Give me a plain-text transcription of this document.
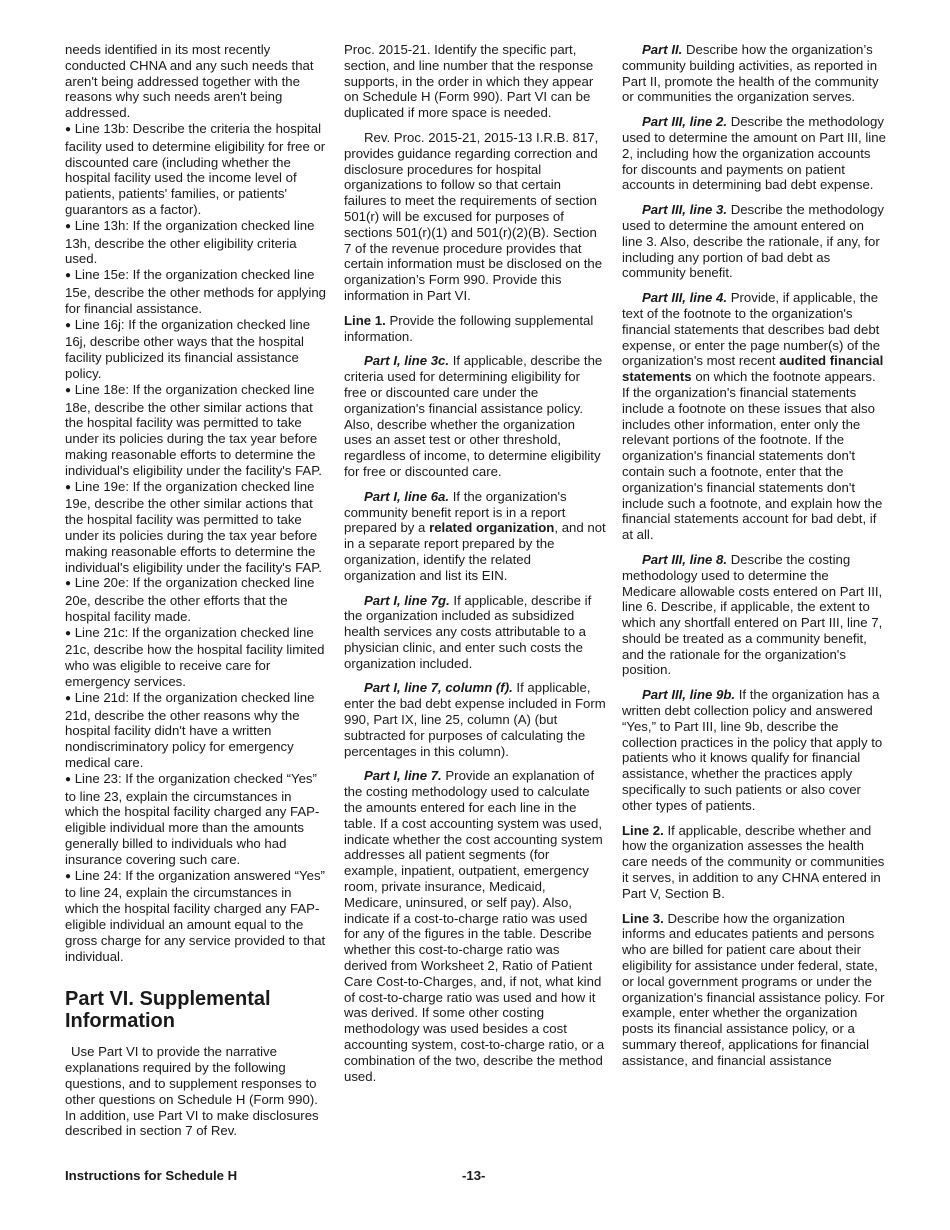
needs identified in its most recently conducted CHNA and any such needs that aren't being addressed together with the reasons why such needs aren't being addressed.

● Line 13b: Describe the criteria the hospital facility used to determine eligibility for free or discounted care (including whether the hospital facility used the income level of patients, patients' families, or patients' guarantors as a factor).

● Line 13h: If the organization checked line 13h, describe the other eligibility criteria used.

● Line 15e: If the organization checked line 15e, describe the other methods for applying for financial assistance.

● Line 16j: If the organization checked line 16j, describe other ways that the hospital facility publicized its financial assistance policy.

● Line 18e: If the organization checked line 18e, describe the other similar actions that the hospital facility was permitted to take under its policies during the tax year before making reasonable efforts to determine the individual's eligibility under the facility's FAP.

● Line 19e: If the organization checked line 19e, describe the other similar actions that the hospital facility was permitted to take under its policies during the tax year before making reasonable efforts to determine the individual's eligibility under the facility's FAP.

● Line 20e: If the organization checked line 20e, describe the other efforts that the hospital facility made.

● Line 21c: If the organization checked line 21c, describe how the hospital facility limited who was eligible to receive care for emergency services.

● Line 21d: If the organization checked line 21d, describe the other reasons why the hospital facility didn't have a written nondiscriminatory policy for emergency medical care.

● Line 23: If the organization checked “Yes” to line 23, explain the circumstances in which the hospital facility charged any FAP-eligible individual more than the amounts generally billed to individuals who had insurance covering such care.

● Line 24: If the organization answered “Yes” to line 24, explain the circumstances in which the hospital facility charged any FAP-eligible individual an amount equal to the gross charge for any service provided to that individual.

Part VI. Supplemental Information

Use Part VI to provide the narrative explanations required by the following questions, and to supplement responses to other questions on Schedule H (Form 990). In addition, use Part VI to make disclosures described in section 7 of Rev.

Proc. 2015-21. Identify the specific part, section, and line number that the response supports, in the order in which they appear on Schedule H (Form 990). Part VI can be duplicated if more space is needed.

Rev. Proc. 2015-21, 2015-13 I.R.B. 817, provides guidance regarding correction and disclosure procedures for hospital organizations to follow so that certain failures to meet the requirements of section 501(r) will be excused for purposes of sections 501(r)(1) and 501(r)(2)(B). Section 7 of the revenue procedure provides that certain information must be disclosed on the organization’s Form 990. Provide this information in Part VI.

Line 1. Provide the following supplemental information.

Part I, line 3c. If applicable, describe the criteria used for determining eligibility for free or discounted care under the organization's financial assistance policy. Also, describe whether the organization uses an asset test or other threshold, regardless of income, to determine eligibility for free or discounted care.

Part I, line 6a. If the organization's community benefit report is in a report prepared by a related organization, and not in a separate report prepared by the organization, identify the related organization and list its EIN.

Part I, line 7g. If applicable, describe if the organization included as subsidized health services any costs attributable to a physician clinic, and enter such costs the organization included.

Part I, line 7, column (f). If applicable, enter the bad debt expense included in Form 990, Part IX, line 25, column (A) (but subtracted for purposes of calculating the percentages in this column).

Part I, line 7. Provide an explanation of the costing methodology used to calculate the amounts entered for each line in the table. If a cost accounting system was used, indicate whether the cost accounting system addresses all patient segments (for example, inpatient, outpatient, emergency room, private insurance, Medicaid, Medicare, uninsured, or self pay). Also, indicate if a cost-to-charge ratio was used for any of the figures in the table. Describe whether this cost-to-charge ratio was derived from Worksheet 2, Ratio of Patient Care Cost-to-Charges, and, if not, what kind of cost-to-charge ratio was used and how it was derived. If some other costing methodology was used besides a cost accounting system, cost-to-charge ratio, or a combination of the two, describe the method used.

Part II. Describe how the organization’s community building activities, as reported in Part II, promote the health of the community or communities the organization serves.

Part III, line 2. Describe the methodology used to determine the amount on Part III, line 2, including how the organization accounts for discounts and payments on patient accounts in determining bad debt expense.

Part III, line 3. Describe the methodology used to determine the amount entered on line 3. Also, describe the rationale, if any, for including any portion of bad debt as community benefit.

Part III, line 4. Provide, if applicable, the text of the footnote to the organization's financial statements that describes bad debt expense, or enter the page number(s) of the organization's most recent audited financial statements on which the footnote appears. If the organization's financial statements include a footnote on these issues that also includes other information, enter only the relevant portions of the footnote. If the organization's financial statements don't contain such a footnote, enter that the organization's financial statements don't include such a footnote, and explain how the financial statements account for bad debt, if at all.

Part III, line 8. Describe the costing methodology used to determine the Medicare allowable costs entered on Part III, line 6. Describe, if applicable, the extent to which any shortfall entered on Part III, line 7, should be treated as a community benefit, and the rationale for the organization's position.

Part III, line 9b. If the organization has a written debt collection policy and answered “Yes,” to Part III, line 9b, describe the collection practices in the policy that apply to patients who it knows qualify for financial assistance, whether the practices apply specifically to such patients or also cover other types of patients.

Line 2. If applicable, describe whether and how the organization assesses the health care needs of the community or communities it serves, in addition to any CHNA entered in Part V, Section B.

Line 3. Describe how the organization informs and educates patients and persons who are billed for patient care about their eligibility for assistance under federal, state, or local government programs or under the organization's financial assistance policy. For example, enter whether the organization posts its financial assistance policy, or a summary thereof, applications for financial assistance, and financial assistance

Instructions for Schedule H	-13-
